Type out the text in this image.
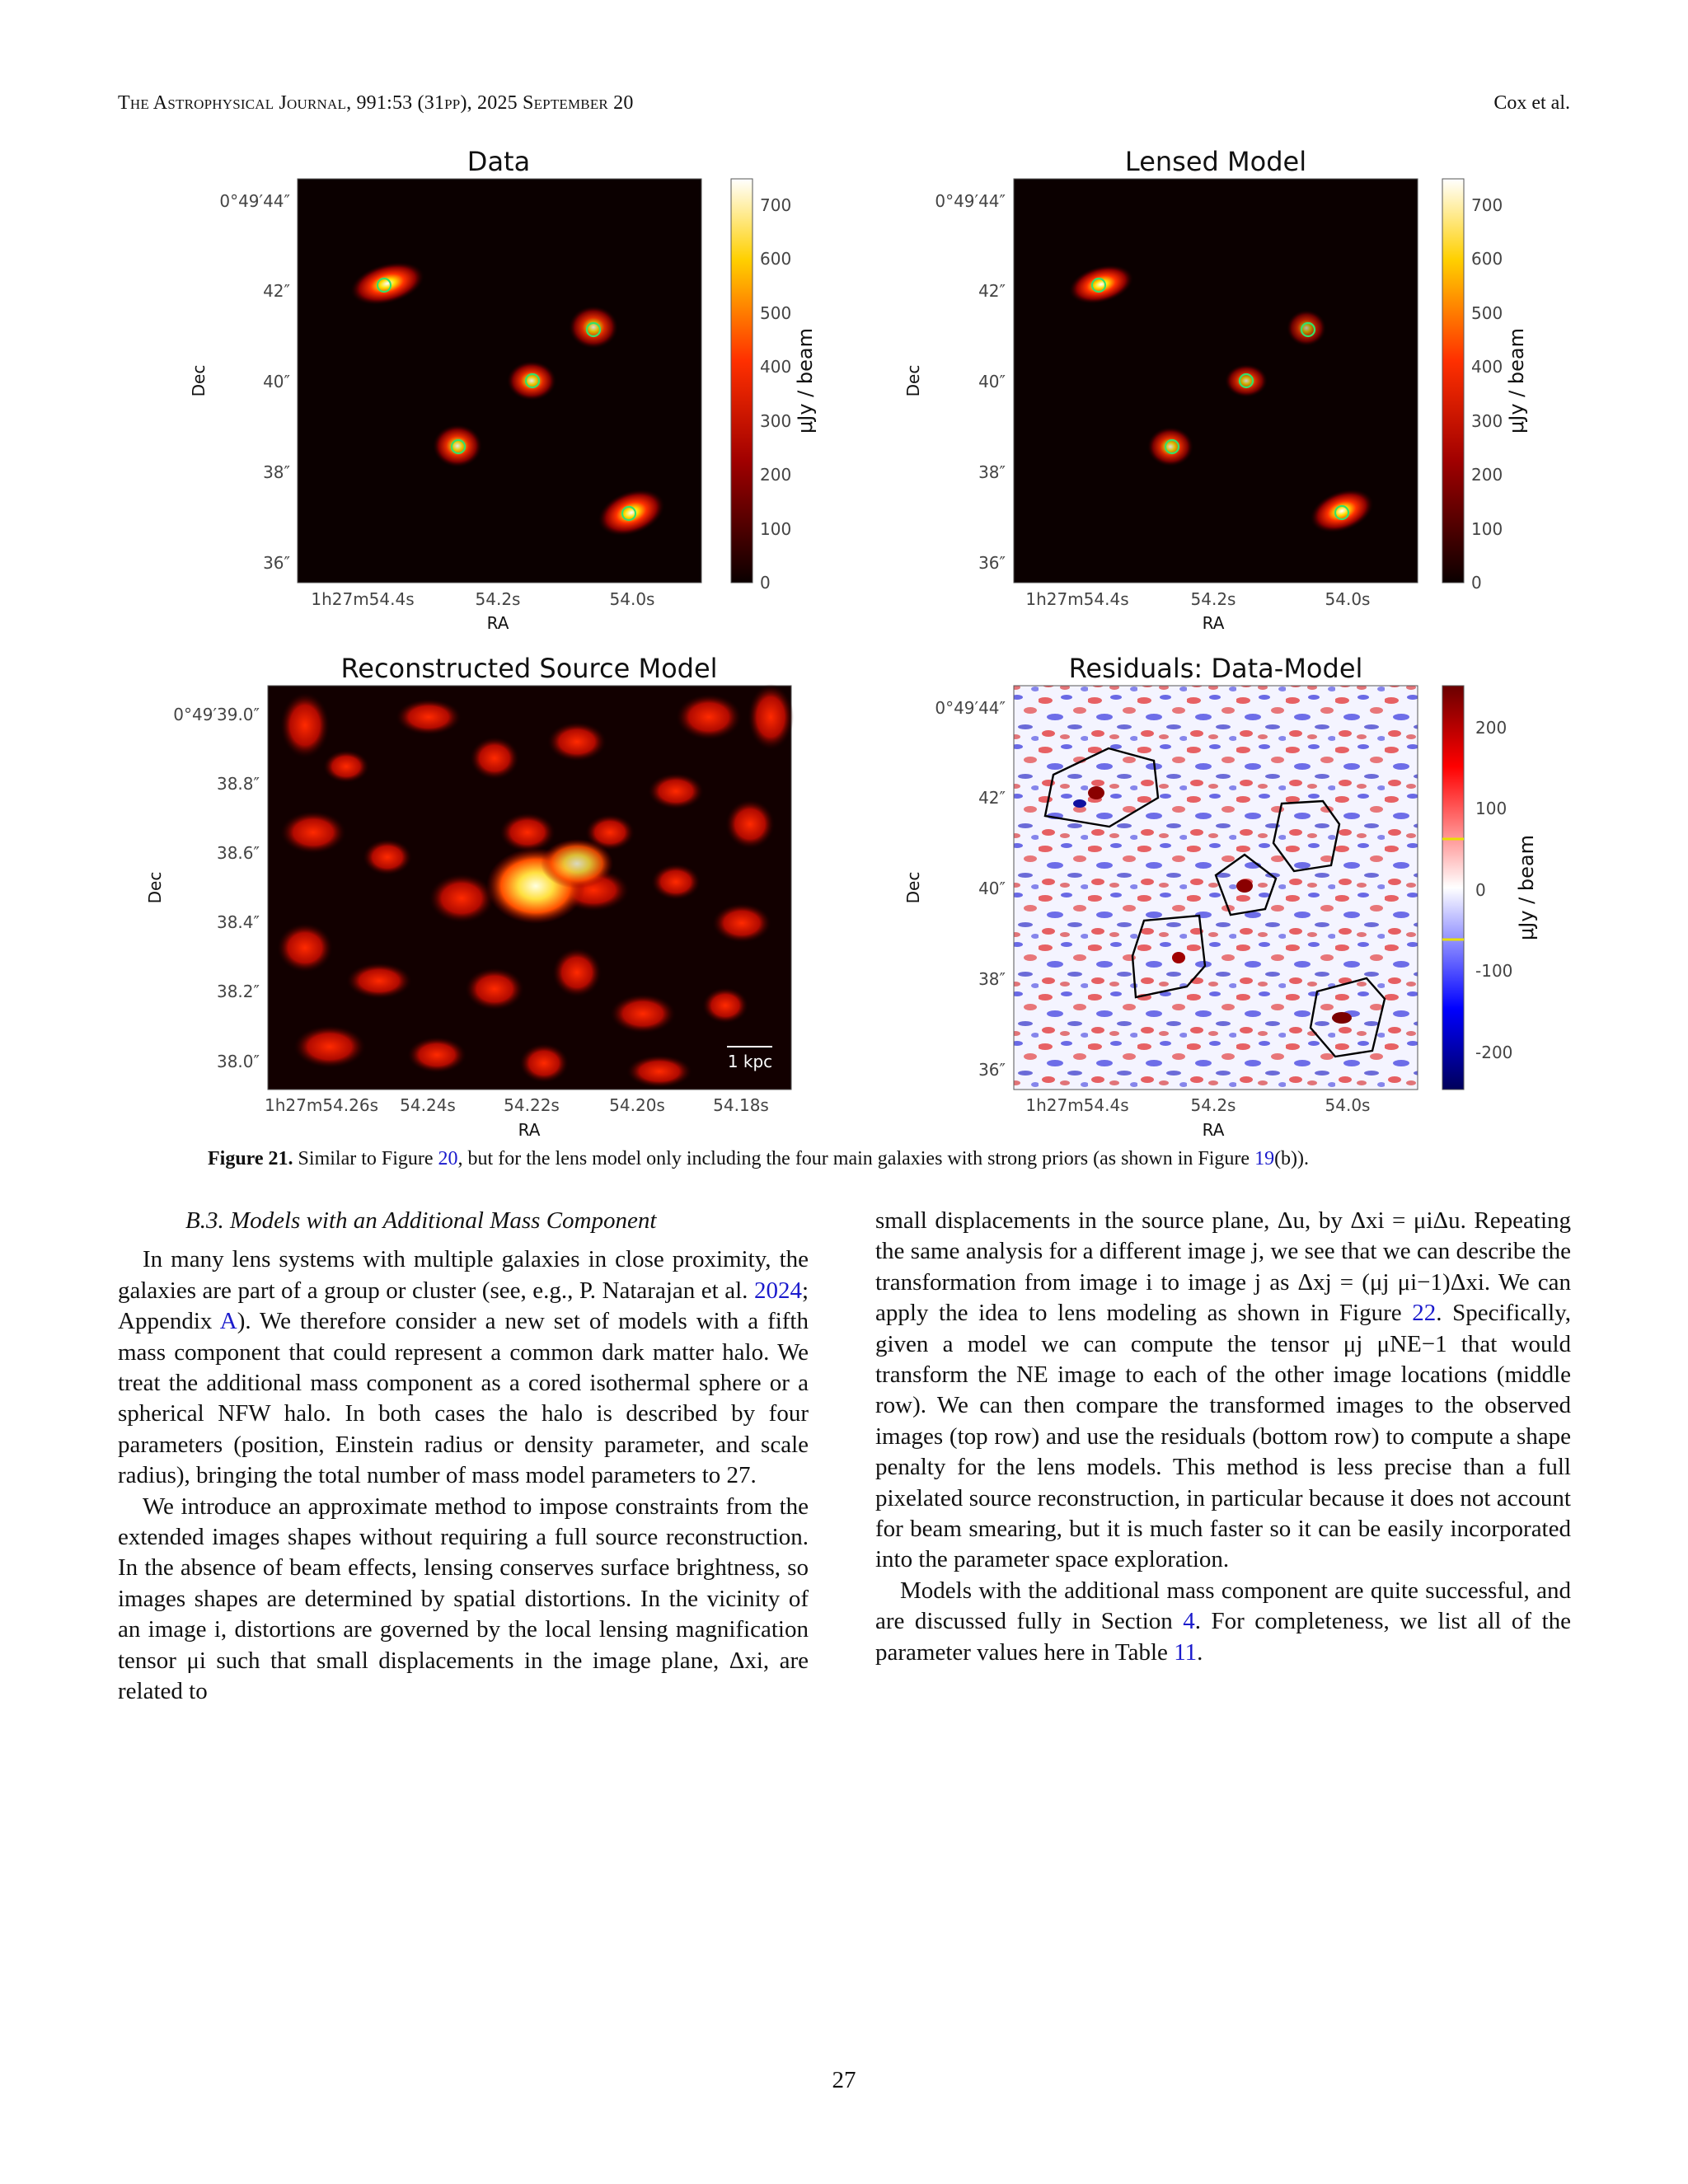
The Astrophysical Journal, 991:53 (31pp), 2025 September 20	Cox et al.
Data	Lensed Model
Reconstructed Source Model	Residuals: Data-Model
0°49′44″
42″
40″
38″
36″
1h27m54.4s	54.2s	54.0s
RA
Dec
0
100
200
300
400
500
600
700
μJy / beam
0°49′44″
42″
40″
38″
36″
1h27m54.4s	54.2s	54.0s
RA
Dec
0
100
200
300
400
500
600
700
μJy / beam
1 kpc
0°49′39.0″
38.8″
38.6″
38.4″
38.2″
38.0″
1h27m54.26s 54.24s	54.22s	54.20s	54.18s
RA
Dec
0°49′44″
42″
40″
38″
36″
1h27m54.4s	54.2s	54.0s
RA
Dec
200
100
0
-100
-200
μJy / beam
Figure 21. Similar to Figure 20, but for the lens model only including the four main galaxies with strong priors (as shown in Figure 19(b)).

B.3. Models with an Additional Mass Component

In many lens systems with multiple galaxies in close proximity, the galaxies are part of a group or cluster (see, e.g., P. Natarajan et al. 2024; Appendix A). We therefore consider a new set of models with a fifth mass component that could represent a common dark matter halo. We treat the additional mass component as a cored isothermal sphere or a spherical NFW halo. In both cases the halo is described by four parameters (position, Einstein radius or density parameter, and scale radius), bringing the total number of mass model parameters to 27.

We introduce an approximate method to impose constraints from the extended images shapes without requiring a full source reconstruction. In the absence of beam effects, lensing conserves surface brightness, so images shapes are determined by spatial distortions. In the vicinity of an image i, distortions are governed by the local lensing magnification tensor μi such that small displacements in the image plane, Δxi, are related to

small displacements in the source plane, Δu, by Δxi = μiΔu. Repeating the same analysis for a different image j, we see that we can describe the transformation from image i to image j as Δxj = (μj μi−1)Δxi. We can apply the idea to lens modeling as shown in Figure 22. Specifically, given a model we can compute the tensor μj μNE−1 that would transform the NE image to each of the other image locations (middle row). We can then compare the transformed images to the observed images (top row) and use the residuals (bottom row) to compute a shape penalty for the lens models. This method is less precise than a full pixelated source reconstruction, in particular because it does not account for beam smearing, but it is much faster so it can be easily incorporated into the parameter space exploration.

Models with the additional mass component are quite successful, and are discussed fully in Section 4. For completeness, we list all of the parameter values here in Table 11.

27
